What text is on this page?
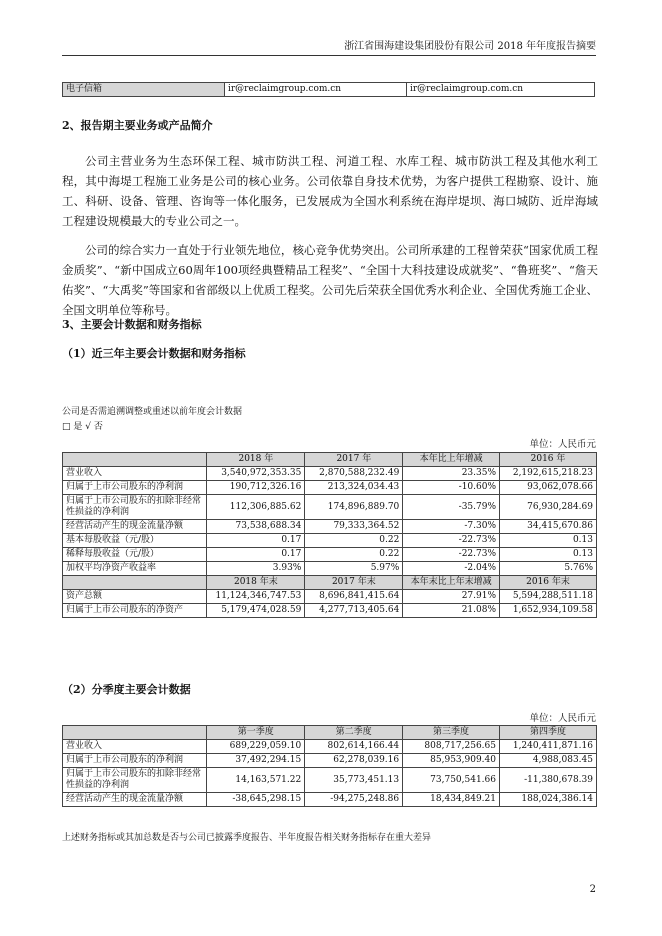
浙江省围海建设集团股份有限公司 2018 年年度报告摘要
电子信箱	ir@reclaimgroup.com.cn	ir@reclaimgroup.com.cn
2、报告期主要业务或产品简介
公司主营业务为生态环保工程、城市防洪工程、河道工程、水库工程、城市防洪工程及其他水利工程，其中海堤工程施工业务是公司的核心业务。公司依靠自身技术优势，为客户提供工程勘察、设计、施工、科研、设备、管理、咨询等一体化服务，已发展成为全国水利系统在海岸堤坝、海口城防、近岸海域工程建设规模最大的专业公司之一。
公司的综合实力一直处于行业领先地位，核心竞争优势突出。公司所承建的工程曾荣获“国家优质工程金质奖”、“新中国成立60周年100项经典暨精品工程奖”、“全国十大科技建设成就奖”、“鲁班奖”、“詹天佑奖”、“大禹奖”等国家和省部级以上优质工程奖。公司先后荣获全国优秀水利企业、全国优秀施工企业、全国文明单位等称号。
3、主要会计数据和财务指标
（1）近三年主要会计数据和财务指标
公司是否需追溯调整或重述以前年度会计数据
□ 是 √ 否
单位：人民币元
	2018 年	2017 年	本年比上年增减	2016 年
营业收入	3,540,972,353.35	2,870,588,232.49	23.35%	2,192,615,218.23
归属于上市公司股东的净利润	190,712,326.16	213,324,034.43	-10.60%	93,062,078.66
归属于上市公司股东的扣除非经常性损益的净利润	112,306,885.62	174,896,889.70	-35.79%	76,930,284.69
经营活动产生的现金流量净额	73,538,688.34	79,333,364.52	-7.30%	34,415,670.86
基本每股收益（元/股）	0.17	0.22	-22.73%	0.13
稀释每股收益（元/股）	0.17	0.22	-22.73%	0.13
加权平均净资产收益率	3.93%	5.97%	-2.04%	5.76%
	2018 年末	2017 年末	本年末比上年末增减	2016 年末
资产总额	11,124,346,747.53	8,696,841,415.64	27.91%	5,594,288,511.18
归属于上市公司股东的净资产	5,179,474,028.59	4,277,713,405.64	21.08%	1,652,934,109.58
（2）分季度主要会计数据
单位：人民币元
	第一季度	第二季度	第三季度	第四季度
营业收入	689,229,059.10	802,614,166.44	808,717,256.65	1,240,411,871.16
归属于上市公司股东的净利润	37,492,294.15	62,278,039.16	85,953,909.40	4,988,083.45
归属于上市公司股东的扣除非经常性损益的净利润	14,163,571.22	35,773,451.13	73,750,541.66	-11,380,678.39
经营活动产生的现金流量净额	-38,645,298.15	-94,275,248.86	18,434,849.21	188,024,386.14
上述财务指标或其加总数是否与公司已披露季度报告、半年度报告相关财务指标存在重大差异
2
